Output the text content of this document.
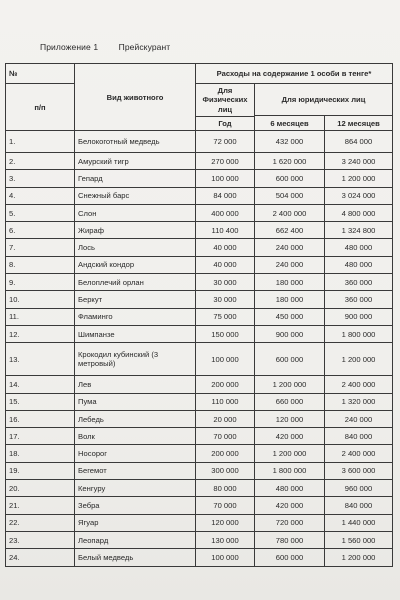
Приложение 1 Прейскурант
№	Вид животного	Расходы на содержание 1 особи в тенге*		
п/п		Для Физических лиц	Для юридических лиц	
			6 месяцев	12 месяцев
		Год		
1.	Белокоготный медведь	72 000	432 000	864 000
2.	Амурский тигр	270 000	1 620 000	3 240 000
3.	Гепард	100 000	600 000	1 200 000
4.	Снежный барс	84 000	504 000	3 024 000
5.	Слон	400 000	2 400 000	4 800 000
6.	Жираф	110 400	662 400	1 324 800
7.	Лось	40 000	240 000	480 000
8.	Андский кондор	40 000	240 000	480 000
9.	Белоплечий орлан	30 000	180 000	360 000
10.	Беркут	30 000	180 000	360 000
11.	Фламинго	75 000	450 000	900 000
12.	Шимпанзе	150 000	900 000	1 800 000
13.	Крокодил кубинский (3 метровый)	100 000	600 000	1 200 000
14.	Лев	200 000	1 200 000	2 400 000
15.	Пума	110 000	660 000	1 320 000
16.	Лебедь	20 000	120 000	240 000
17.	Волк	70 000	420 000	840 000
18.	Носорог	200 000	1 200 000	2 400 000
19.	Бегемот	300 000	1 800 000	3 600 000
20.	Кенгуру	80 000	480 000	960 000
21.	Зебра	70 000	420 000	840 000
22.	Ягуар	120 000	720 000	1 440 000
23.	Леопард	130 000	780 000	1 560 000
24.	Белый медведь	100 000	600 000	1 200 000
